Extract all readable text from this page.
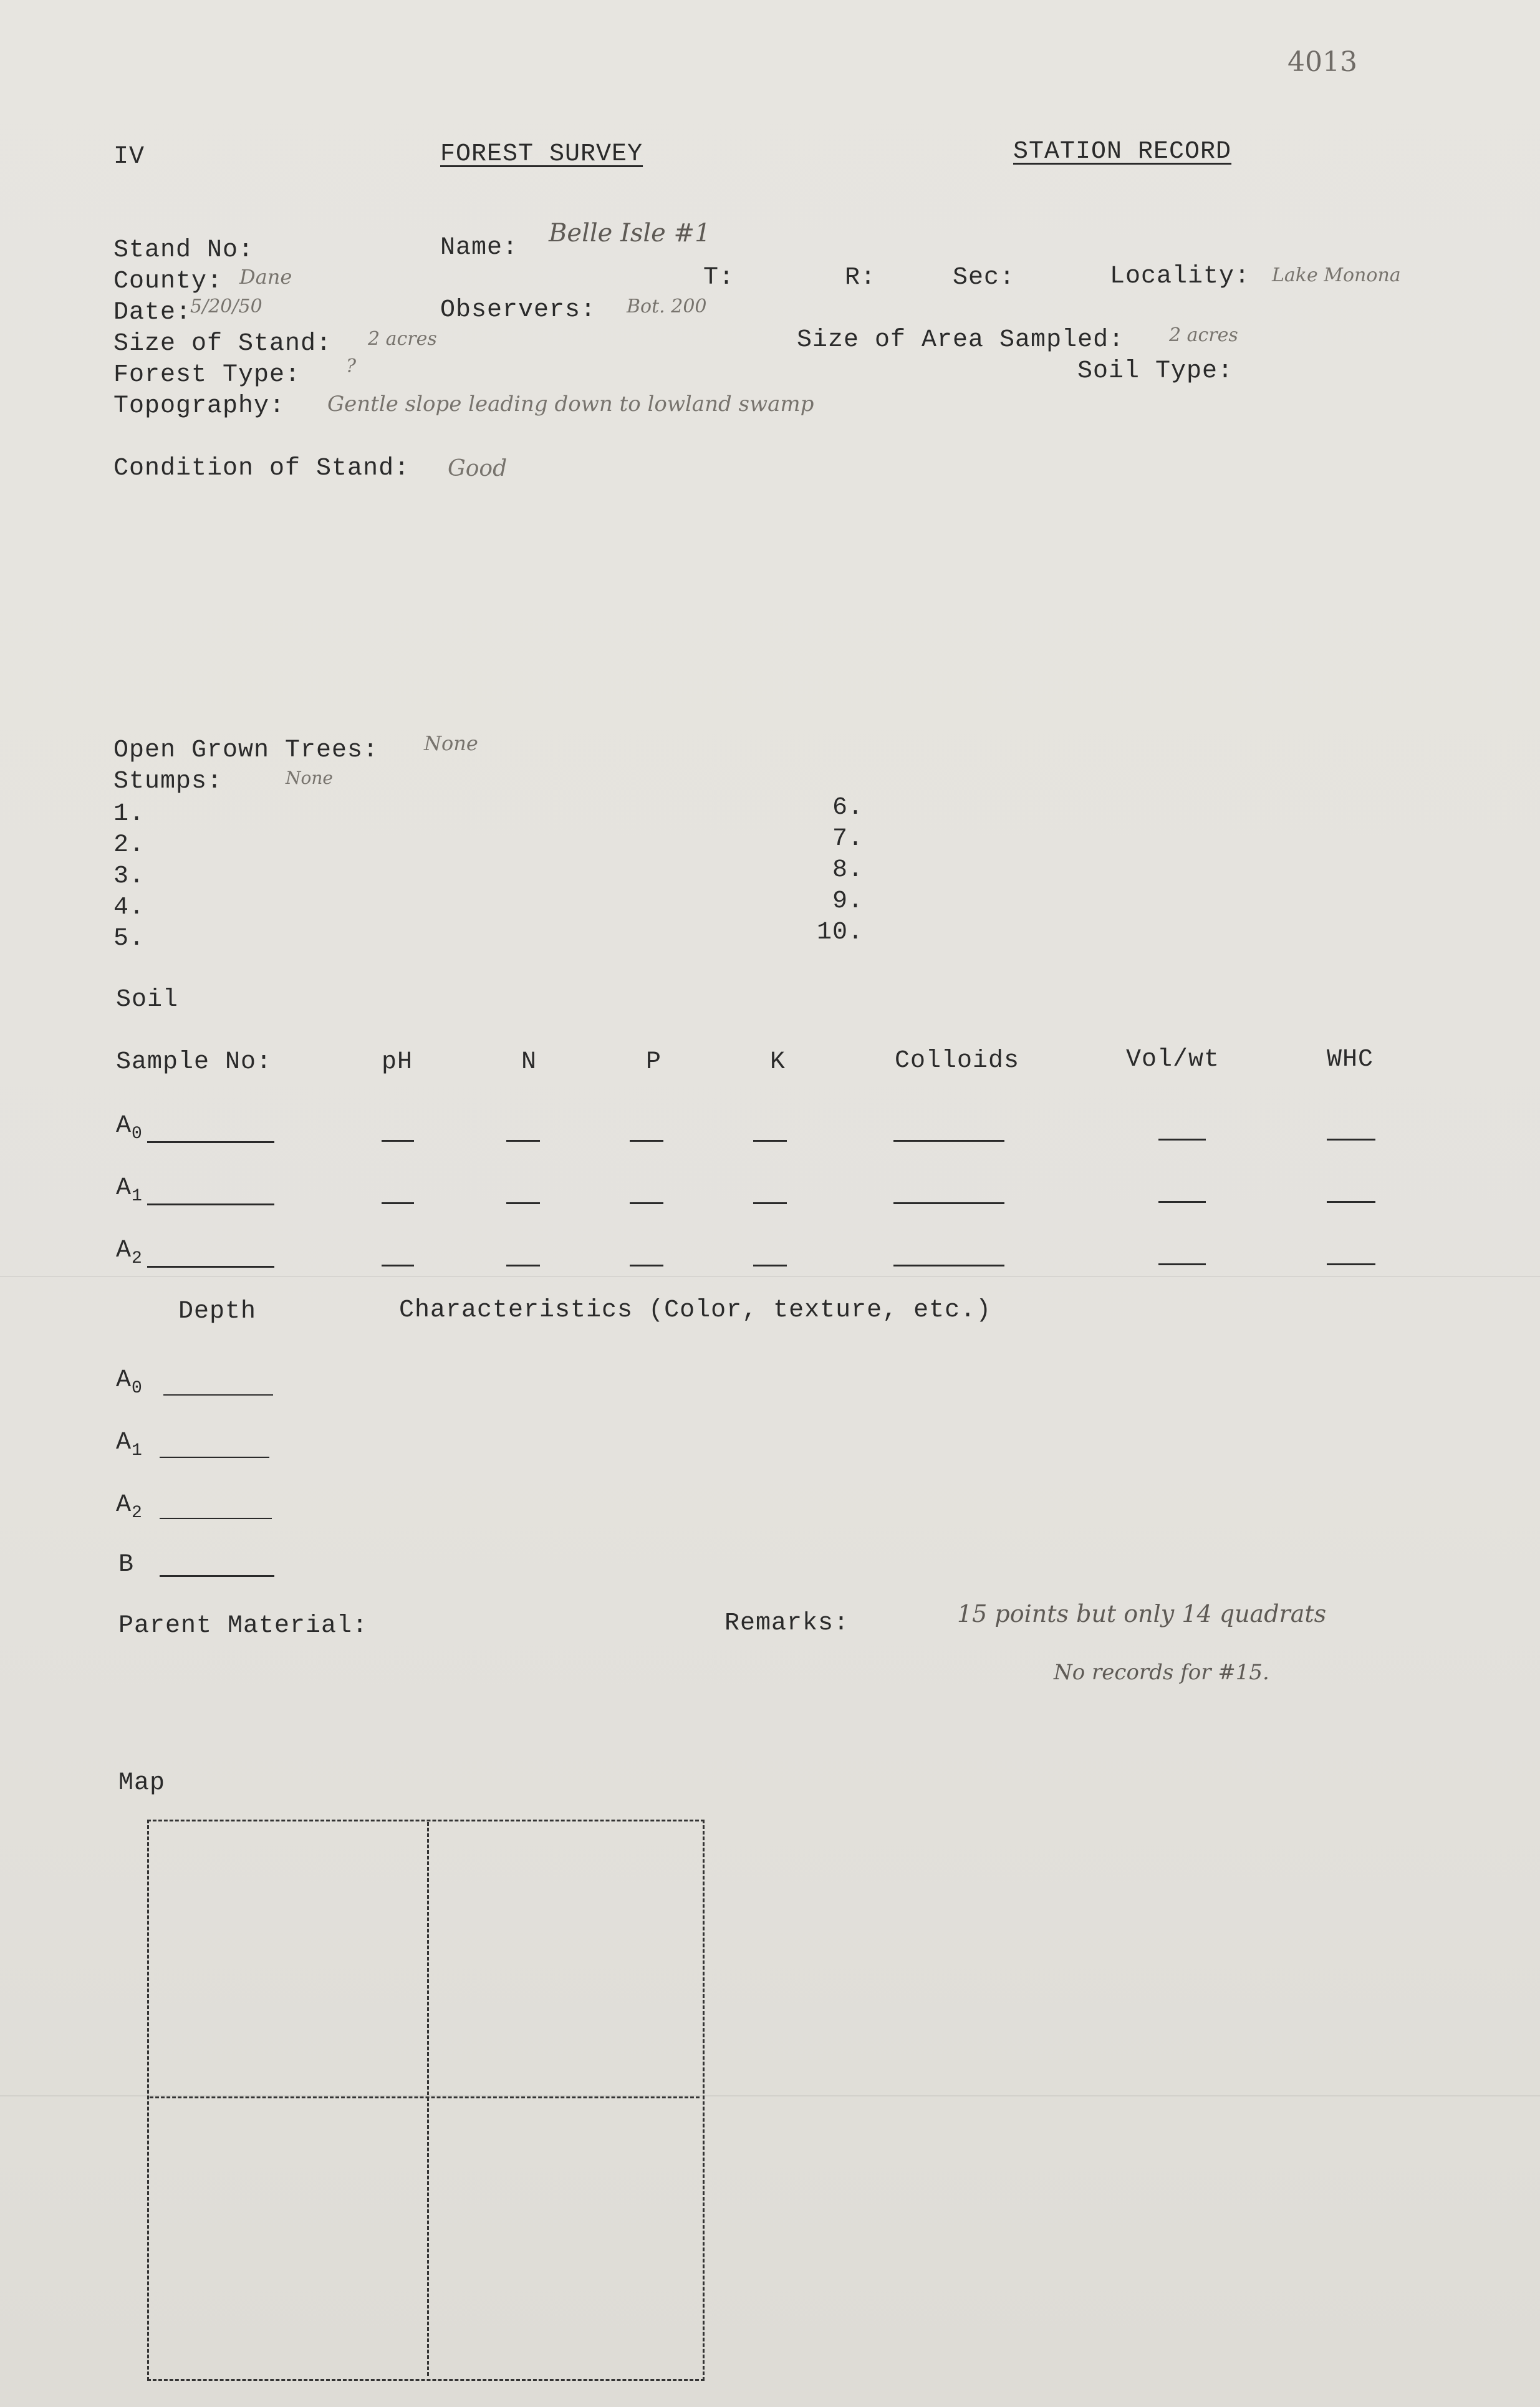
4013
IV	FOREST SURVEY	STATION RECORD
Stand No:	Name:
Belle Isle #1
County: Dane	T:	R:	Sec:	Locality: Lake Monona
Date:
5/20/50	Observers: Bot. 200
Size of Stand: 2 acres	Size of Area Sampled: 2 acres
Forest Type: ?	Soil Type:
Topography: Gentle slope leading down to lowland swamp
Condition of Stand: Good
Open Grown Trees: None
Stumps:	None
1.
2.
3.
4.
5.
6.
7.
8.
9.
10.
Soil
Sample No:	pH	N	P	K	Colloids	Vol/wt	WHC
$A_0$
$A_1$
$A_2$
Depth	Characteristics (Color, texture, etc.)
$A_0$
$A_1$
$A_2$
B
Parent Material:	Remarks:	15 points but only 14 quadrats
No records for #15.
Map
